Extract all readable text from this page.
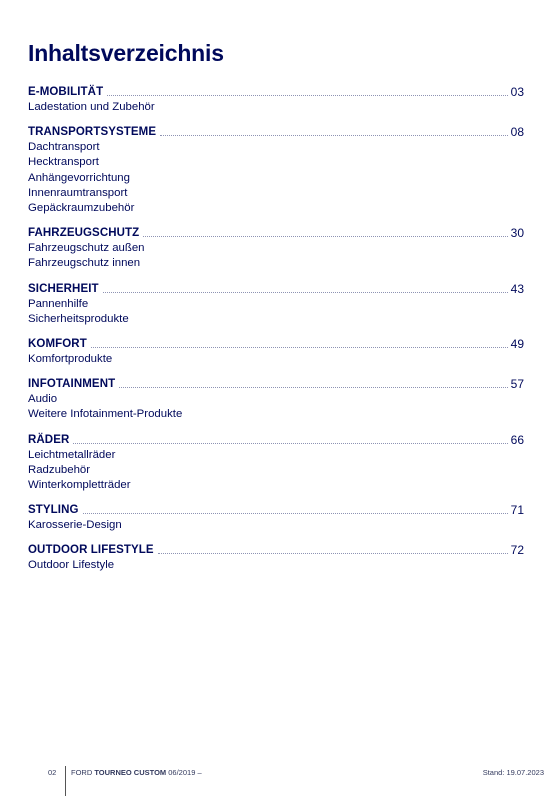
Inhaltsverzeichnis
E-MOBILITÄT	03
Ladestation und Zubehör
TRANSPORTSYSTEME	08
Dachtransport
Hecktransport
Anhängevorrichtung
Innenraumtransport
Gepäckraumzubehör
FAHRZEUGSCHUTZ	30
Fahrzeugschutz außen
Fahrzeugschutz innen
SICHERHEIT	43
Pannenhilfe
Sicherheitsprodukte
KOMFORT	49
Komfortprodukte
INFOTAINMENT	57
Audio
Weitere Infotainment-Produkte
RÄDER	66
Leichtmetallräder
Radzubehör
Winterkompletträder
STYLING	71
Karosserie-Design
OUTDOOR LIFESTYLE	72
Outdoor Lifestyle
02	FORD TOURNEO CUSTOM 06/2019 –	Stand: 19.07.2023
